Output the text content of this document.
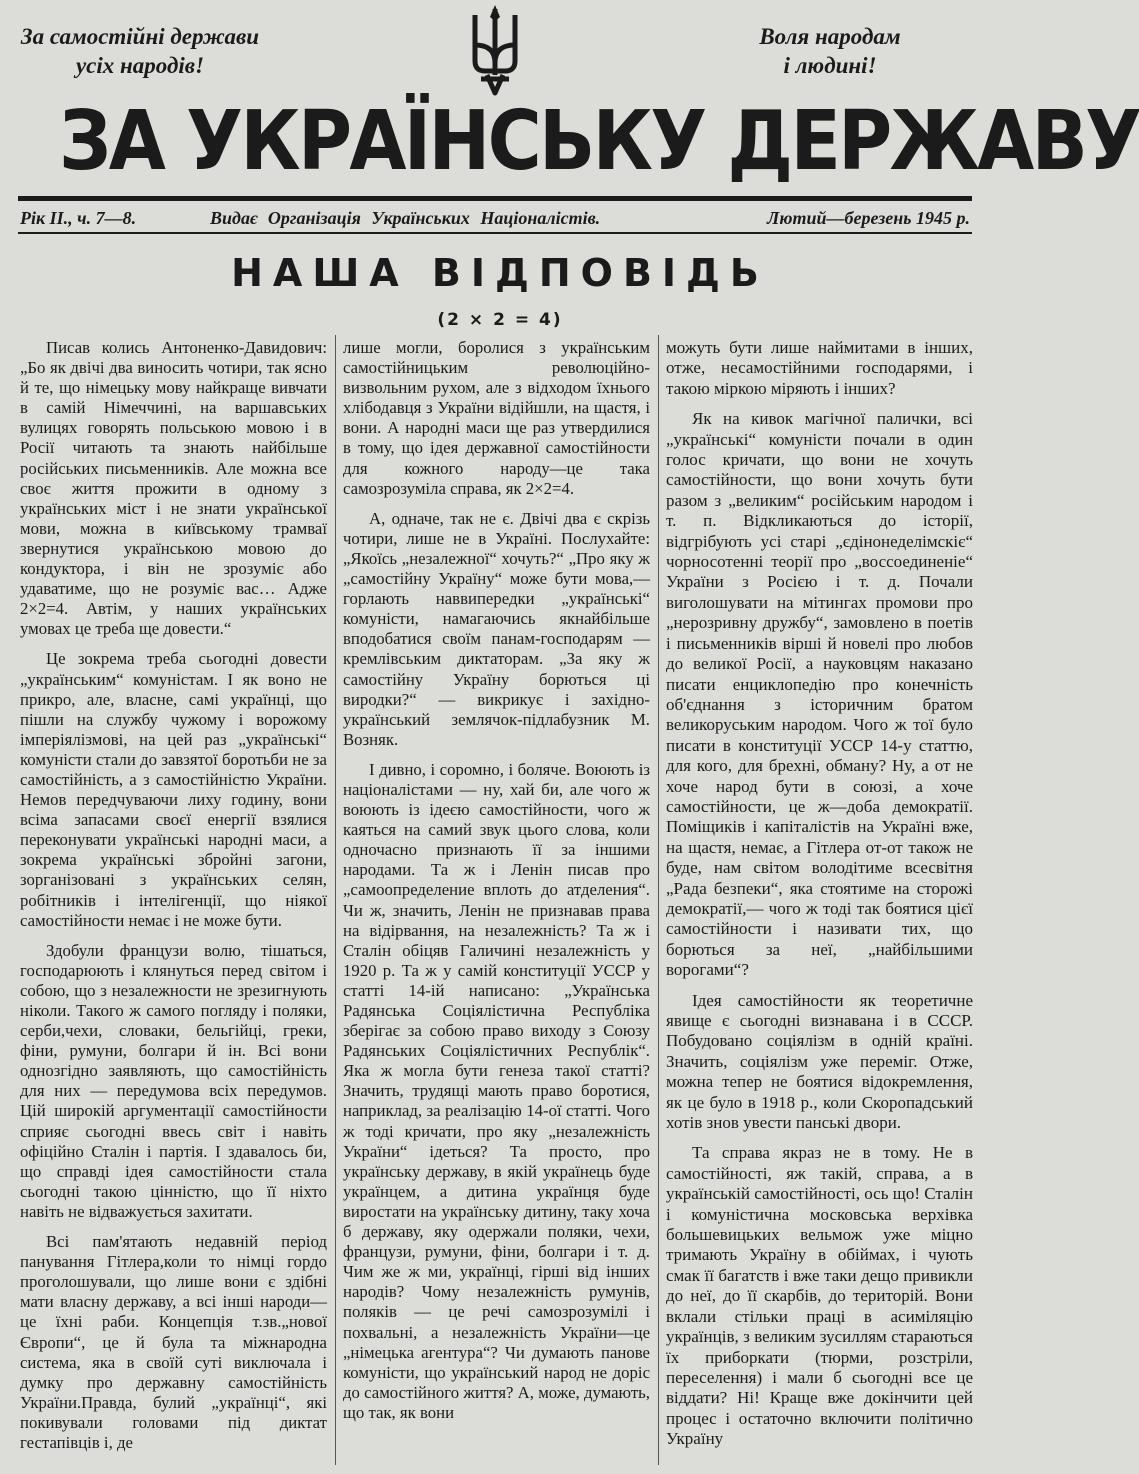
За самостійні держави
усіх народів!
Воля народам
і людині!
ЗА УКРАЇНСЬКУ ДЕРЖАВУ
Рік II., ч. 7—8.	Видає Організація Українських Націоналістів.	Лютий—березень 1945 р.
НАША ВІДПОВІДЬ
(2 × 2 = 4)

Писав колись Антоненко-Давидович: „Бо як двічі два виносить чотири, так ясно й те, що німецьку мову найкраще вивчати в самій Німеччині, на варшавських вулицях говорять польською мовою і в Росії читають та знають найбільше російських письменників. Але можна все своє життя прожити в одному з українських міст і не знати української мови, можна в київському трамваї звернутися українською мовою до кондуктора, і він не зрозуміє або удаватиме, що не розуміє вас… Адже 2×2=4. Автім, у наших українських умовах це треба ще довести.“

Це зокрема треба сьогодні довести „українським“ комуністам. І як воно не прикро, але, власне, самі українці, що пішли на службу чужому і ворожому імперіялізмові, на цей раз „українські“ комуністи стали до завзятої боротьби не за самостійність, а з самостійністю України. Немов передчуваючи лиху годину, вони всіма запасами своєї енергії взялися переконувати українські народні маси, а зокрема українські збройні загони, зорганізовані з українських селян, робітників і інтелігенції, що ніякої самостійности немає і не може бути.

Здобули французи волю, тішаться, господарюють і клянуться перед світом і собою, що з незалежности не зрезигнують ніколи. Такого ж самого погляду і поляки, серби,чехи, словаки, бельгійці, греки, фіни, румуни, болгари й ін. Всі вони однозгідно заявляють, що самостійність для них — передумова всіх передумов. Цій широкій аргументації самостійности сприяє сьогодні ввесь світ і навіть офіційно Сталін і партія. І здавалось би, що справді ідея самостійности стала сьогодні такою цінністю, що її ніхто навіть не відважується захитати.

Всі пам'ятають недавній період панування Гітлера,коли то німці гордо проголошували, що лише вони є здібні мати власну державу, а всі інші народи—це їхні раби. Концепція т.зв.„нової Європи“, це й була та міжнародна система, яка в своїй суті виключала і думку про державну самостійність України.Правда, булий „українці“, які покивували головами під диктат гестапівців і, де

лише могли, боролися з українським самостійницьким революційно-визвольним рухом, але з відходом їхнього хлібодавця з України відійшли, на щастя, і вони. А народні маси ще раз утвердилися в тому, що ідея державної самостійности для кожного народу—це така самозрозуміла справа, як 2×2=4.

А, одначе, так не є. Двічі два є скрізь чотири, лише не в Україні. Послухайте: „Якоїсь „незалежної“ хочуть?“ „Про яку ж „самостійну Україну“ може бути мова,—горлають наввипередки „українські“ комуністи, намагаючись якнайбільше вподобатися своїм панам-господарям — кремлівським диктаторам. „За яку ж самостійну Україну борються ці виродки?“ — викрикує і західно-український землячок-підлабузник М. Возняк.

І дивно, і соромно, і боляче. Воюють із націоналістами — ну, хай би, але чого ж воюють із ідеєю самостійности, чого ж каяться на самий звук цього слова, коли одночасно признають її за іншими народами. Та ж і Ленін писав про „самоопределение вплоть до атделения“. Чи ж, значить, Ленін не признавав права на відірвання, на незалежність? Та ж і Сталін обіцяв Галичині незалежність у 1920 р. Та ж у самій конституції УССР у статті 14-ій написано: „Українська Радянська Соціялістична Республіка зберігає за собою право виходу з Союзу Радянських Соціялістичних Республік“. Яка ж могла бути генеза такої статті? Значить, трудящі мають право боротися, наприклад, за реалізацію 14-ої статті. Чого ж тоді кричати, про яку „незалежність України“ ідеться? Та просто, про українську державу, в якій українець буде українцем, а дитина українця буде виростати на українську дитину, таку хоча б державу, яку одержали поляки, чехи, французи, румуни, фіни, болгари і т. д. Чим же ж ми, українці, гірші від інших народів? Чому незалежність румунів, поляків — це речі самозрозумілі і похвальні, а незалежність України—це „німецька агентура“? Чи думають панове комуністи, що український народ не доріс до самостійного життя? А, може, думають, що так, як вони

можуть бути лише наймитами в інших, отже, несамостійними господарями, і такою міркою міряють і інших?

Як на кивок магічної палички, всі „українські“ комуністи почали в один голос кричати, що вони не хочуть самостійности, що вони хочуть бути разом з „великим“ російським народом і т. п. Відкликаються до історії, відгрібують усі старі „єдінонеделімскіє“ чорносотенні теорії про „воссоединеніе“ України з Росією і т. д. Почали виголошувати на мітингах промови про „нерозривну дружбу“, замовлено в поетів і письменників вірші й новелі про любов до великої Росії, а науковцям наказано писати енциклопедію про конечність об'єднання з історичним братом великоруським народом. Чого ж тої було писати в конституції УССР 14-у статтю, для кого, для брехні, обману? Ну, а от не хоче народ бути в союзі, а хоче самостійности, це ж—доба демократії. Поміщиків і капіталістів на Україні вже, на щастя, немає, а Гітлера от-от також не буде, нам світом володітиме всесвітня „Рада безпеки“, яка стоятиме на сторожі демократії,— чого ж тоді так боятися цієї самостійности і називати тих, що борються за неї, „найбільшими ворогами“?

Ідея самостійности як теоретичне явище є сьогодні визнавана і в СССР. Побудовано соціялізм в одній країні. Значить, соціялізм уже переміг. Отже, можна тепер не боятися відокремлення, як це було в 1918 р., коли Скоропадський хотів знов увести панські двори.

Та справа якраз не в тому. Не в самостійності, яж такій, справа, а в українській самостійності, ось що! Сталін і комуністична московська верхівка большевицьких вельмож уже міцно тримають Україну в обіймах, і чують смак її багатств і вже таки дещо привикли до неї, до її скарбів, до територій. Вони вклали стільки праці в асиміляцію українців, з великим зусиллям стараються їх приборкати (тюрми, розстріли, переселення) і мали б сьогодні все це віддати? Ні! Краще вже докінчити цей процес і остаточно включити політично Україну
